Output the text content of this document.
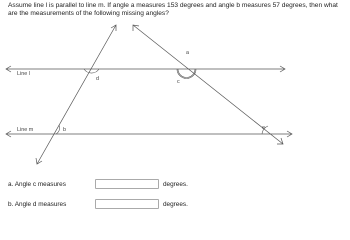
Assume line l is parallel to line m. If angle a measures 153 degrees and angle b measures 57 degrees, then what are the measurements of the following missing angles?
Line l
Line m
a
c
d
b	e
a. Angle c measures	degrees.
b. Angle d measures	degrees.
